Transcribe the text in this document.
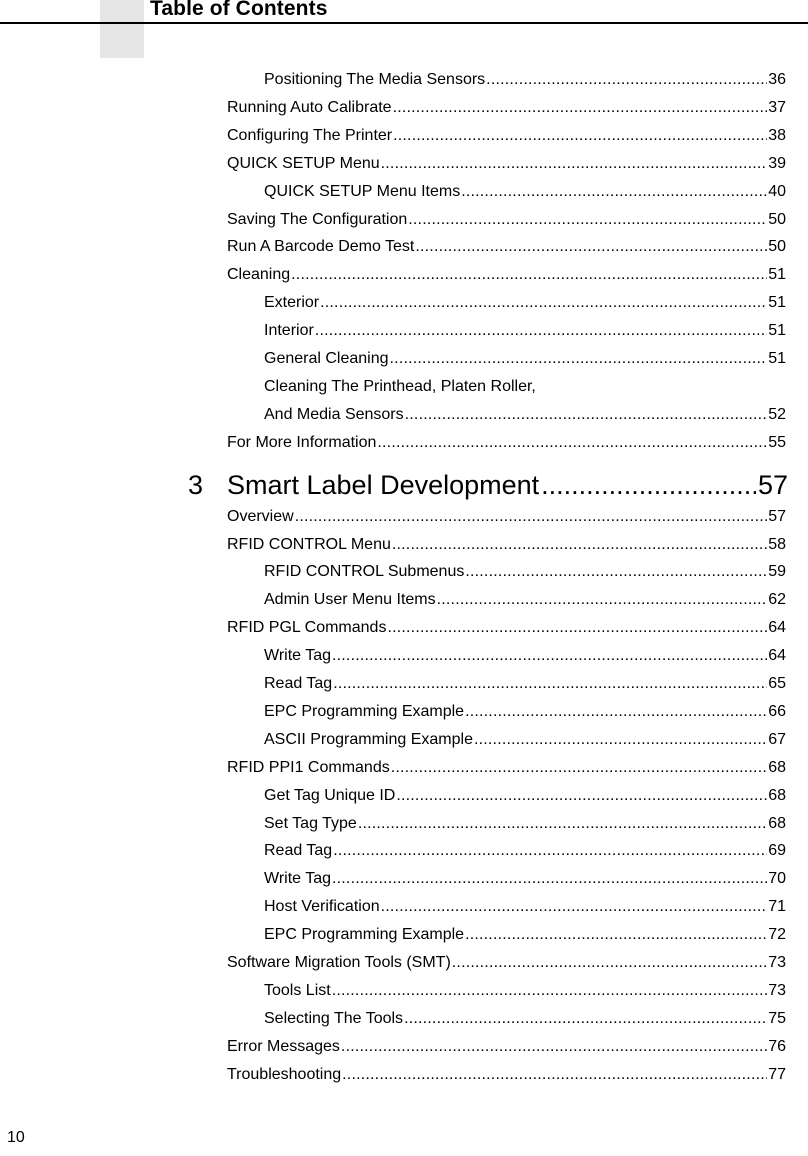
Table of Contents
Positioning The Media Sensors .....	36
Running Auto Calibrate .....	37
Configuring The Printer .....	38
QUICK SETUP Menu .....	39
QUICK SETUP Menu Items .....	40
Saving The Configuration .....	50
Run A Barcode Demo Test .....	50
Cleaning .....	51
Exterior .....	51
Interior .....	51
General Cleaning .....	51
Cleaning The Printhead, Platen Roller,
And Media Sensors .....	52
For More Information .....	55
3 Smart Label Development .....	57
Overview .....	57
RFID CONTROL Menu .....	58
RFID CONTROL Submenus .....	59
Admin User Menu Items .....	62
RFID PGL Commands .....	64
Write Tag .....	64
Read Tag .....	65
EPC Programming Example .....	66
ASCII Programming Example .....	67
RFID PPI1 Commands .....	68
Get Tag Unique ID .....	68
Set Tag Type .....	68
Read Tag .....	69
Write Tag .....	70
Host Verification .....	71
EPC Programming Example .....	72
Software Migration Tools (SMT) .....	73
Tools List .....	73
Selecting The Tools .....	75
Error Messages .....	76
Troubleshooting .....	77
10
